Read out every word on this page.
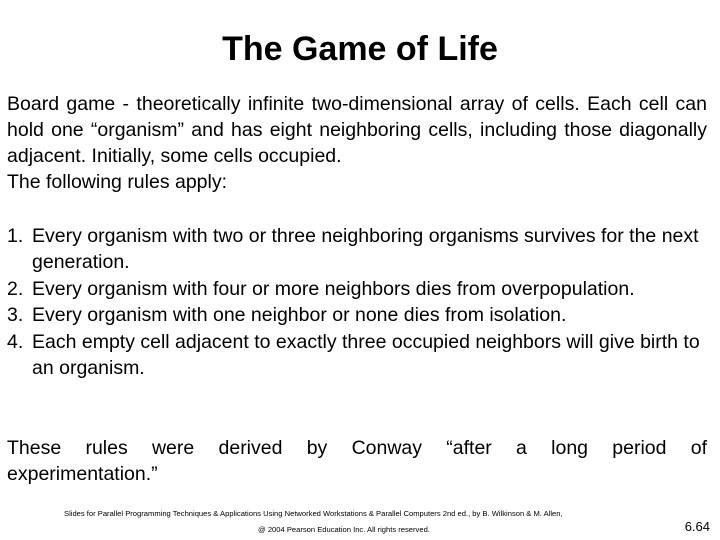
The Game of Life

Board game - theoretically infinite two-dimensional array of cells. Each cell can hold one “organism” and has eight neighboring cells, including those diagonally adjacent. Initially, some cells occupied.

The following rules apply:

1. Every organism with two or three neighboring organisms survives for the next generation.
2. Every organism with four or more neighbors dies from overpopulation.
3. Every organism with one neighbor or none dies from isolation.
4. Each empty cell adjacent to exactly three occupied neighbors will give birth to an organism.

These rules were derived by Conway “after a long period of
experimentation.”

Slides for Parallel Programming Techniques & Applications Using Networked Workstations & Parallel Computers 2nd ed., by B. Wilkinson & M. Allen,
@ 2004 Pearson Education Inc. All rights reserved.	6.64
